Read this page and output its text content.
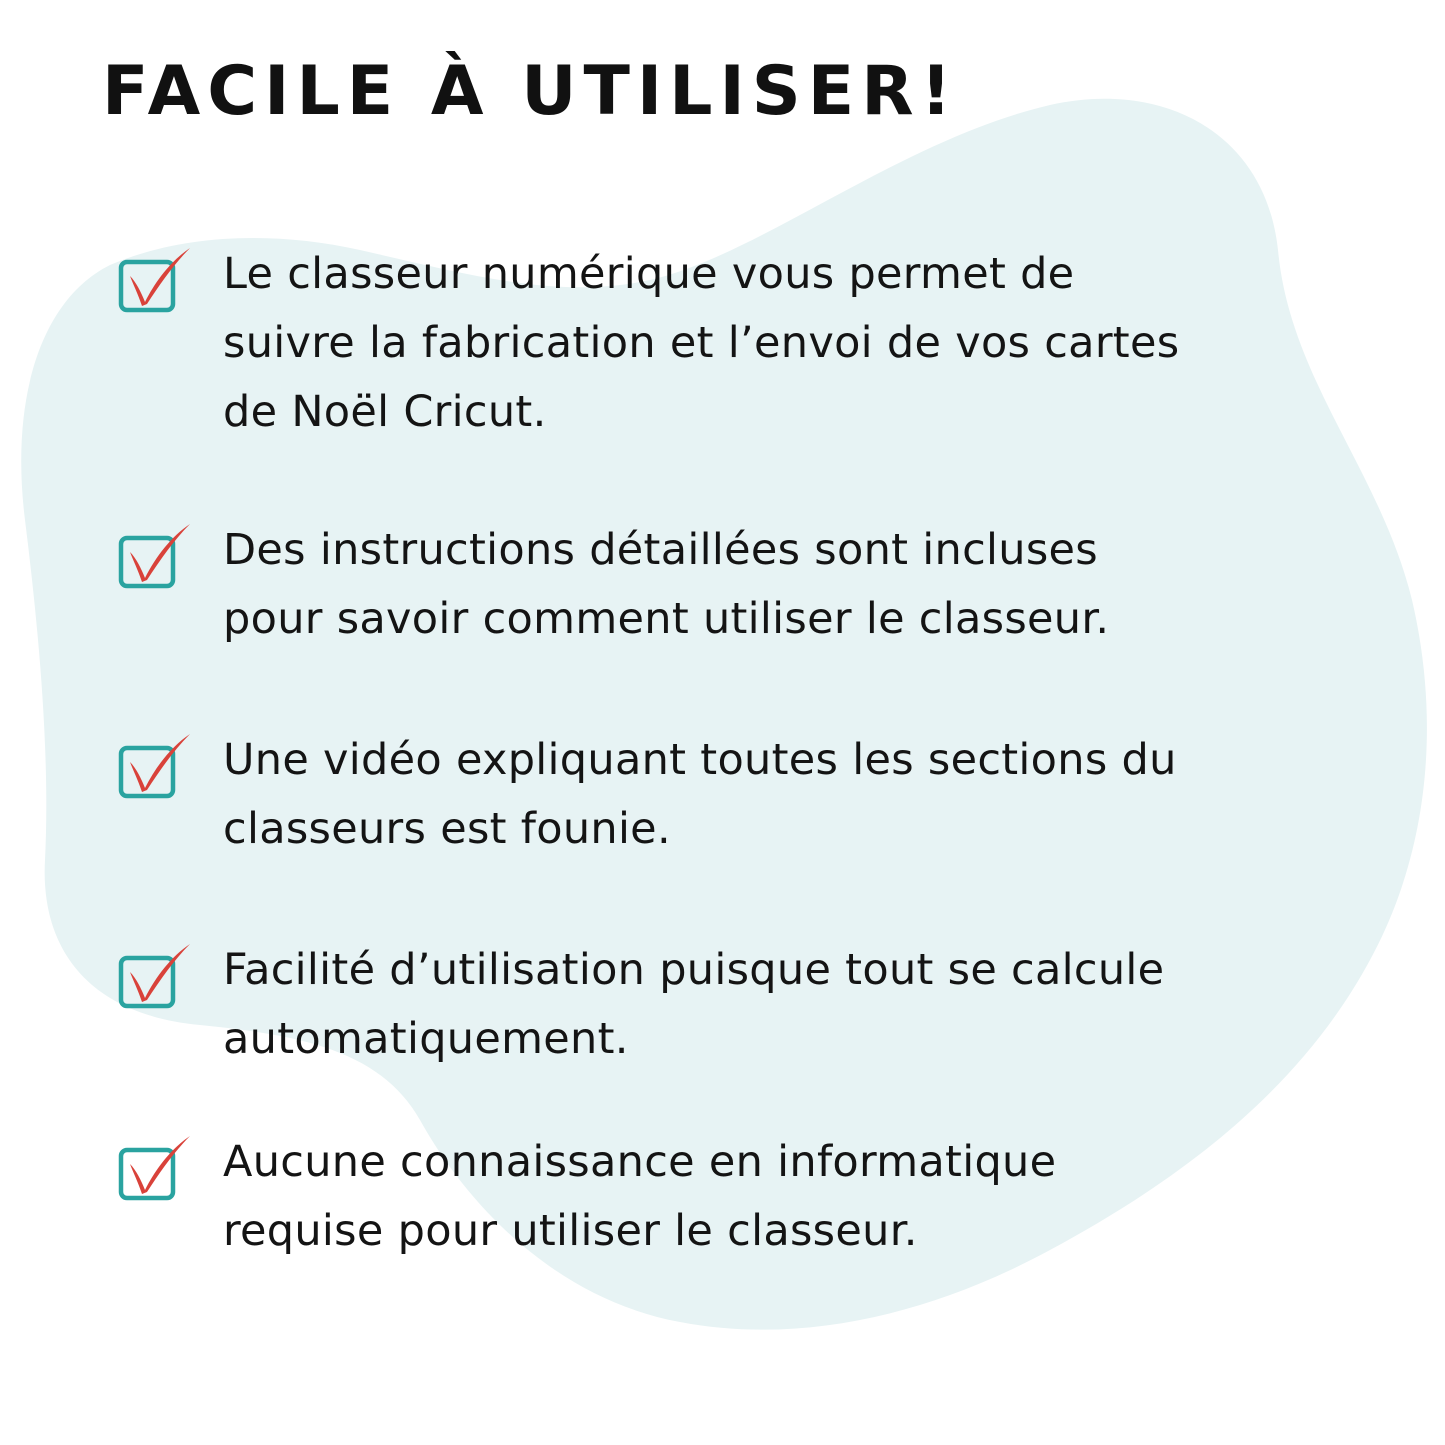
FACILE À UTILISER!
Le classeur numérique vous permet de
suivre la fabrication et l’envoi de vos cartes
de Noël Cricut.
Des instructions détaillées sont incluses
pour savoir comment utiliser le classeur.
Une vidéo expliquant toutes les sections du
classeurs est founie.
Facilité d’utilisation puisque tout se calcule
automatiquement.
Aucune connaissance en informatique
requise pour utiliser le classeur.
